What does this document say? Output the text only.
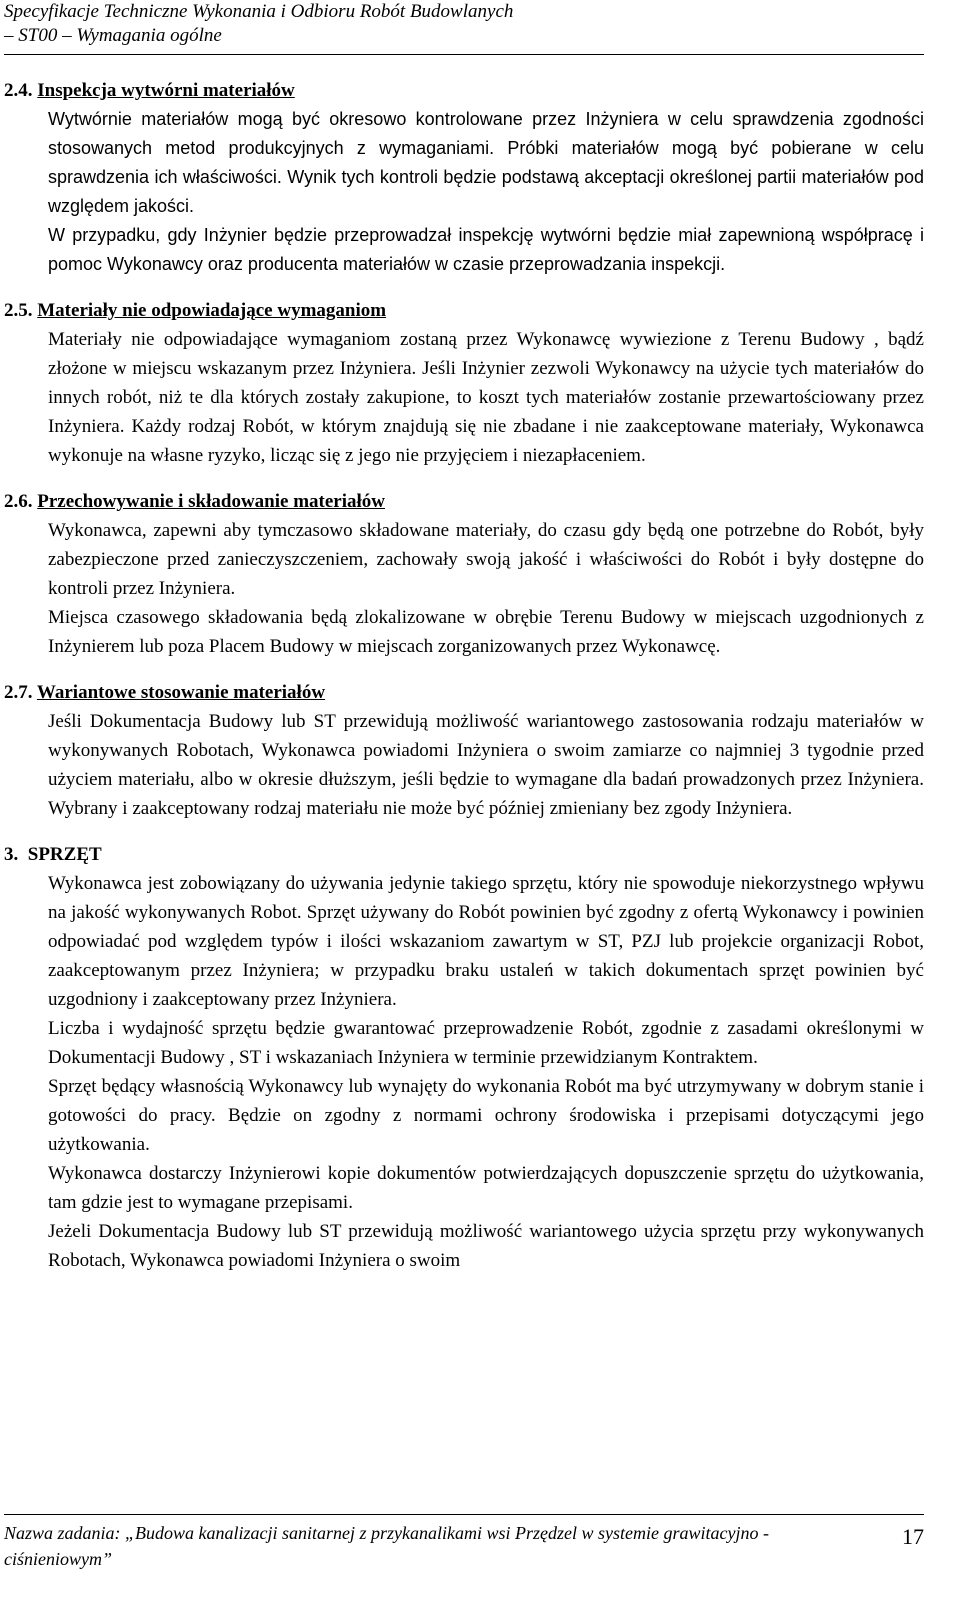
Specyfikacje Techniczne Wykonania i Odbioru Robót Budowlanych
– ST00 – Wymagania ogólne

2.4. Inspekcja wytwórni materiałów

Wytwórnie materiałów mogą być okresowo kontrolowane przez Inżyniera w celu sprawdzenia zgodności stosowanych metod produkcyjnych z wymaganiami. Próbki materiałów mogą być pobierane w celu sprawdzenia ich właściwości. Wynik tych kontroli będzie podstawą akceptacji określonej partii materiałów pod względem jakości.

W przypadku, gdy Inżynier będzie przeprowadzał inspekcję wytwórni będzie miał zapewnioną współpracę i pomoc Wykonawcy oraz producenta materiałów w czasie przeprowadzania inspekcji.

2.5. Materiały nie odpowiadające wymaganiom

Materiały nie odpowiadające wymaganiom zostaną przez Wykonawcę wywiezione z Terenu Budowy , bądź złożone w miejscu wskazanym przez Inżyniera. Jeśli Inżynier zezwoli Wykonawcy na użycie tych materiałów do innych robót, niż te dla których zostały zakupione, to koszt tych materiałów zostanie przewartościowany przez Inżyniera. Każdy rodzaj Robót, w którym znajdują się nie zbadane i nie zaakceptowane materiały, Wykonawca wykonuje na własne ryzyko, licząc się z jego nie przyjęciem i niezapłaceniem.

2.6. Przechowywanie i składowanie materiałów

Wykonawca, zapewni aby tymczasowo składowane materiały, do czasu gdy będą one potrzebne do Robót, były zabezpieczone przed zanieczyszczeniem, zachowały swoją jakość i właściwości do Robót i były dostępne do kontroli przez Inżyniera.

Miejsca czasowego składowania będą zlokalizowane w obrębie Terenu Budowy w miejscach uzgodnionych z Inżynierem lub poza Placem Budowy w miejscach zorganizowanych przez Wykonawcę.

2.7. Wariantowe stosowanie materiałów

Jeśli Dokumentacja Budowy lub ST przewidują możliwość wariantowego zastosowania rodzaju materiałów w wykonywanych Robotach, Wykonawca powiadomi Inżyniera o swoim zamiarze co najmniej 3 tygodnie przed użyciem materiału, albo w okresie dłuższym, jeśli będzie to wymagane dla badań prowadzonych przez Inżyniera. Wybrany i zaakceptowany rodzaj materiału nie może być później zmieniany bez zgody Inżyniera.

3. SPRZĘT

Wykonawca jest zobowiązany do używania jedynie takiego sprzętu, który nie spowoduje niekorzystnego wpływu na jakość wykonywanych Robot. Sprzęt używany do Robót powinien być zgodny z ofertą Wykonawcy i powinien odpowiadać pod względem typów i ilości wskazaniom zawartym w ST, PZJ lub projekcie organizacji Robot, zaakceptowanym przez Inżyniera; w przypadku braku ustaleń w takich dokumentach sprzęt powinien być uzgodniony i zaakceptowany przez Inżyniera.

Liczba i wydajność sprzętu będzie gwarantować przeprowadzenie Robót, zgodnie z zasadami określonymi w Dokumentacji Budowy , ST i wskazaniach Inżyniera w terminie przewidzianym Kontraktem.

Sprzęt będący własnością Wykonawcy lub wynajęty do wykonania Robót ma być utrzymywany w dobrym stanie i gotowości do pracy. Będzie on zgodny z normami ochrony środowiska i przepisami dotyczącymi jego użytkowania.

Wykonawca dostarczy Inżynierowi kopie dokumentów potwierdzających dopuszczenie sprzętu do użytkowania, tam gdzie jest to wymagane przepisami.

Jeżeli Dokumentacja Budowy lub ST przewidują możliwość wariantowego użycia sprzętu przy wykonywanych Robotach, Wykonawca powiadomi Inżyniera o swoim

Nazwa zadania: „Budowa kanalizacji sanitarnej z przykanalikami wsi Przędzel w systemie grawitacyjno - ciśnieniowym”
17
